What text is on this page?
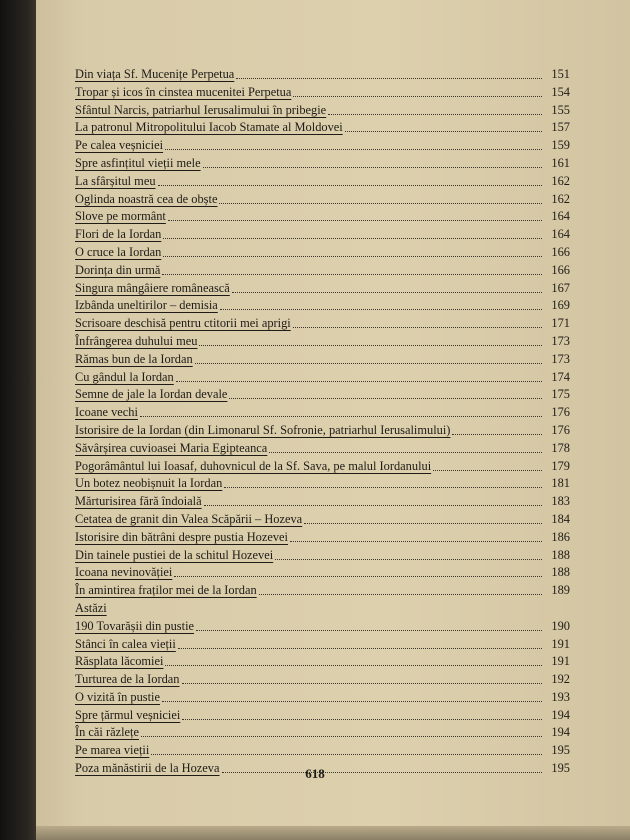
Din viața Sf. Mucenițe Perpetua	151
Tropar și icos în cinstea mucenitei Perpetua	154
Sfântul Narcis, patriarhul Ierusalimului în pribegie	155
La patronul Mitropolitului Iacob Stamate al Moldovei	157
Pe calea veșniciei	159
Spre asfințitul vieții mele	161
La sfârșitul meu	162
Oglinda noastră cea de obște	162
Slove pe mormânt	164
Flori de la Iordan	164
O cruce la Iordan	166
Dorința din urmă	166
Singura mângâiere românească	167
Izbânda uneltirilor – demisia	169
Scrisoare deschisă pentru ctitorii mei aprigi	171
Înfrângerea duhului meu	173
Rămas bun de la Iordan	173
Cu gândul la Iordan	174
Semne de jale la Iordan devale	175
Icoane vechi	176
Istorisire de la Iordan (din Limonarul Sf. Sofronie, patriarhul Ierusalimului)	176
Săvârșirea cuvioasei Maria Egipteanca	178
Pogorâmântul lui Ioasaf, duhovnicul de la Sf. Sava, pe malul Iordanului	179
Un botez neobișnuit la Iordan	181
Mărturisirea fără îndoială	183
Cetatea de granit din Valea Scăpării – Hozeva	184
Istorisire din bătrâni despre pustia Hozevei	186
Din tainele pustiei de la schitul Hozevei	188
Icoana nevinovăției	188
În amintirea fraților mei de la Iordan	189
Astăzi
190 Tovarășii din pustie	190
Stânci în calea vieții	191
Răsplata lăcomiei	191
Turturea de la Iordan	192
O vizită în pustie	193
Spre țărmul veșniciei	194
În căi răzlețe	194
Pe marea vieții	195
Poza mănăstirii de la Hozeva	195
618
